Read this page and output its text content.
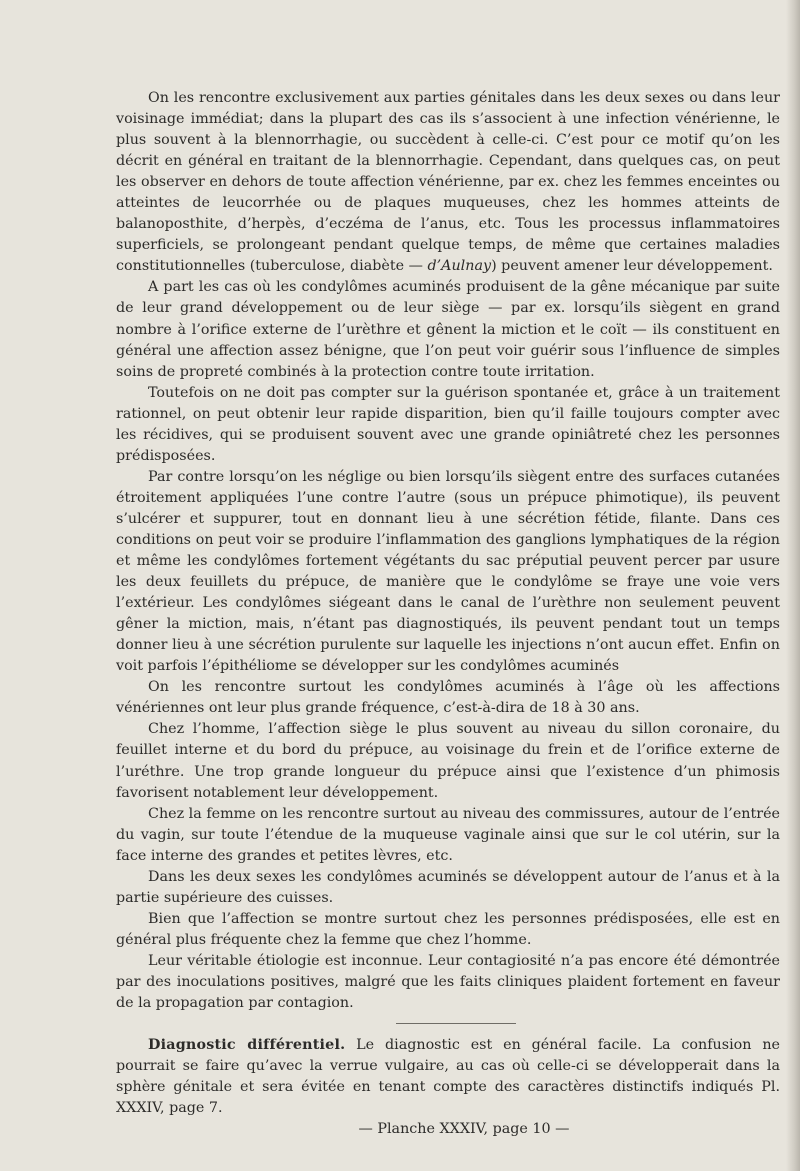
On les rencontre exclusivement aux parties génitales dans les deux sexes ou dans leur voisinage immédiat; dans la plupart des cas ils s’associent à une infection vénérienne, le plus souvent à la blennorrhagie, ou succèdent à celle-ci. C’est pour ce motif qu’on les décrit en général en traitant de la blennorrhagie. Cependant, dans quelques cas, on peut les observer en dehors de toute affection vénérienne, par ex. chez les femmes enceintes ou atteintes de leucorrhée ou de plaques muqueuses, chez les hommes atteints de balanoposthite, d’herpès, d’eczéma de l’anus, etc. Tous les processus inflammatoires superficiels, se prolongeant pendant quelque temps, de même que certaines maladies constitutionnelles (tuberculose, diabète — d’Aulnay) peuvent amener leur développement.

A part les cas où les condylômes acuminés produisent de la gêne mécanique par suite de leur grand développement ou de leur siège — par ex. lorsqu’ils siègent en grand nombre à l’orifice externe de l’urèthre et gênent la miction et le coït — ils constituent en général une affection assez bénigne, que l’on peut voir guérir sous l’influence de simples soins de propreté combinés à la protection contre toute irritation.

Toutefois on ne doit pas compter sur la guérison spontanée et, grâce à un traitement rationnel, on peut obtenir leur rapide disparition, bien qu’il faille toujours compter avec les récidives, qui se produisent souvent avec une grande opiniâtreté chez les personnes prédisposées.

Par contre lorsqu’on les néglige ou bien lorsqu’ils siègent entre des surfaces cutanées étroitement appliquées l’une contre l’autre (sous un prépuce phimotique), ils peuvent s’ulcérer et suppurer, tout en donnant lieu à une sécrétion fétide, filante. Dans ces conditions on peut voir se produire l’inflammation des ganglions lymphatiques de la région et même les condylômes fortement végétants du sac préputial peuvent percer par usure les deux feuillets du prépuce, de manière que le condylôme se fraye une voie vers l’extérieur. Les condylômes siégeant dans le canal de l’urèthre non seulement peuvent gêner la miction, mais, n’étant pas diagnostiqués, ils peuvent pendant tout un temps donner lieu à une sécrétion purulente sur laquelle les injections n’ont aucun effet. Enfin on voit parfois l’épithéliome se développer sur les condylômes acuminés

On les rencontre surtout les condylômes acuminés à l’âge où les affections vénériennes ont leur plus grande fréquence, c’est-à-dira de 18 à 30 ans.

Chez l’homme, l’affection siège le plus souvent au niveau du sillon coronaire, du feuillet interne et du bord du prépuce, au voisinage du frein et de l’orifice externe de l’uréthre. Une trop grande longueur du prépuce ainsi que l’existence d’un phimosis favorisent notablement leur développement.

Chez la femme on les rencontre surtout au niveau des commissures, autour de l’entrée du vagin, sur toute l’étendue de la muqueuse vaginale ainsi que sur le col utérin, sur la face interne des grandes et petites lèvres, etc.

Dans les deux sexes les condylômes acuminés se développent autour de l’anus et à la partie supérieure des cuisses.

Bien que l’affection se montre surtout chez les personnes prédisposées, elle est en général plus fréquente chez la femme que chez l’homme.

Leur véritable étiologie est inconnue. Leur contagiosité n’a pas encore été démontrée par des inoculations positives, malgré que les faits cliniques plaident fortement en faveur de la propagation par contagion.

Diagnostic différentiel. Le diagnostic est en général facile. La confusion ne pourrait se faire qu’avec la verrue vulgaire, au cas où celle-ci se développerait dans la sphère génitale et sera évitée en tenant compte des caractères distinctifs indiqués Pl. XXXIV, page 7.

— Planche XXXIV, page 10 —
